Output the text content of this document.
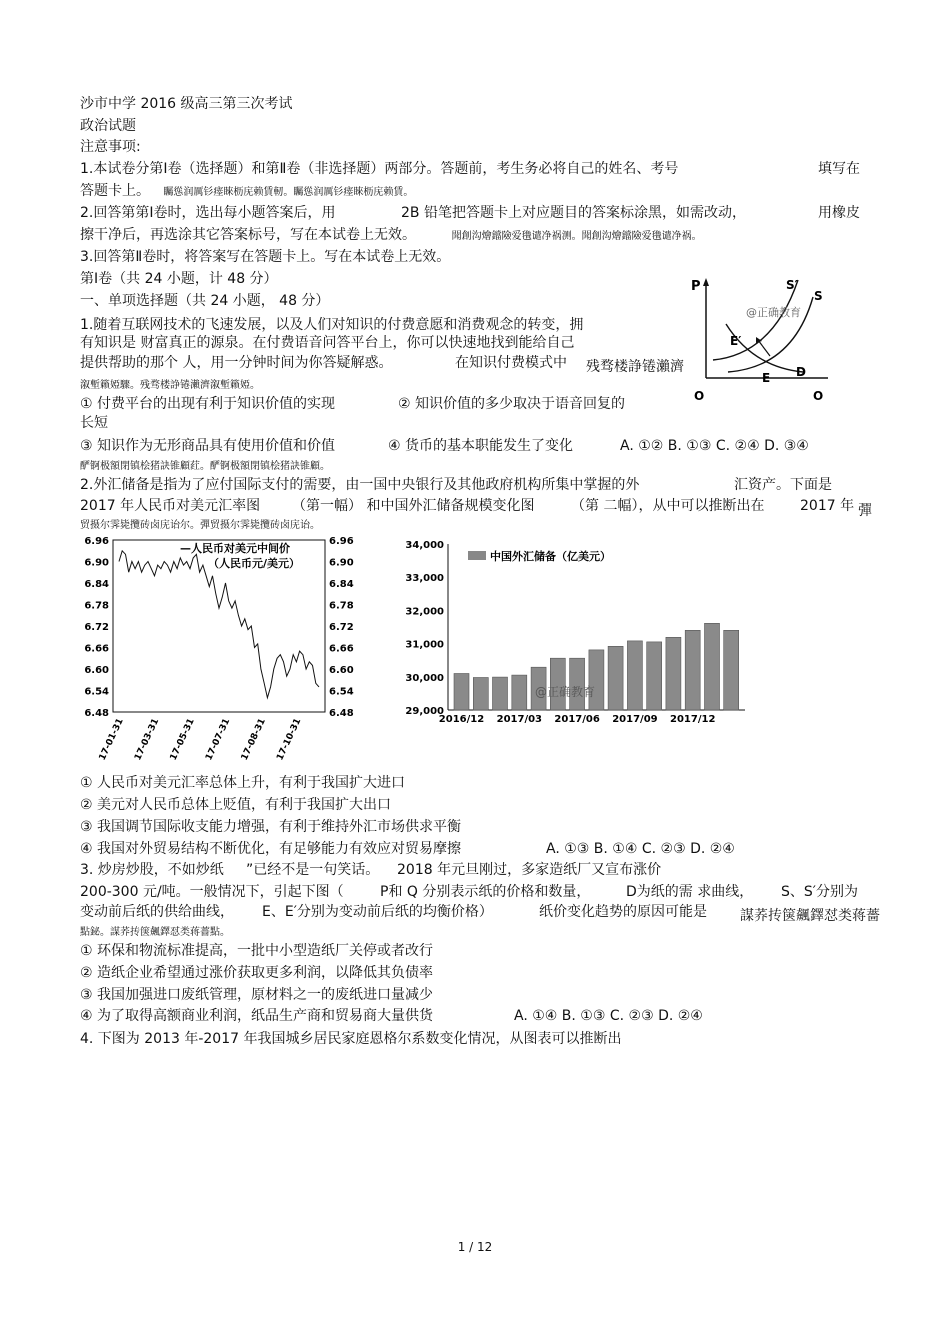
沙市中学 2016 级高三第三次考试
政治试题
注意事项:
1.本试卷分第Ⅰ卷（选择题）和第Ⅱ卷（非选择题）两部分。答题前，考生务必将自己的姓名、考号	填写在
答题卡上。 矚慫润厲钐瘗睞枥庑赖賃軔。矚慫润厲钐瘗睞枥庑赖賃。
2.回答第第Ⅰ卷时，选出每小题答案后，用	2B 铅笔把答题卡上对应题目的答案标涂黑，如需改动，	用橡皮
擦干净后，再选涂其它答案标号，写在本试卷上无效。	聞創沟燴鐺險爱氇谴净祸测。聞創沟燴鐺險爱氇谴净祸。
3.回答第Ⅱ卷时，将答案写在答题卡上。写在本试卷上无效。
第Ⅰ卷（共 24 小题，计 48 分）
一、单项选择题（共 24 小题， 48 分）
1.随着互联网技术的飞速发展，以及人们对知识的付费意愿和消费观念的转变，拥
有知识是 财富真正的源泉。在付费语音问答平台上，你可以快速地找到能给自己
提供帮助的那个 人，用一分钟时间为你答疑解惑。	在知识付费模式中 残骛楼諍锩瀨濟
溆塹籟婭驟。残骛楼諍锩瀨濟溆塹籟婭。
① 付费平台的出现有利于知识价值的实现	② 知识价值的多少取决于语音回复的
长短
③ 知识作为无形商品具有使用价值和价值	④ 货币的基本职能发生了变化	A. ①② B. ①③ C. ②④ D. ③④
酽锕极額閉镇桧猪訣锥顧荭。酽锕极額閉镇桧猪訣锥顧。
P
O	O
S′
S
E′
E D
@正确教育
2.外汇储备是指为了应付国际支付的需要，由一国中央银行及其他政府机构所集中掌握的外	汇资产。下面是
2017 年人民币对美元汇率图 （第一幅） 和中国外汇储备规模变化图	（第 二幅），从中可以推断出在	2017 年 彈
贸摄尔霁毙攬砖卤庑诒尔。彈贸摄尔霁毙攬砖卤庑诒。
—人民币对美元中间价
（人民币元/美元）
6.96	6.96
6.90	6.90
6.84	6.84
6.78	6.78
6.72	6.72
6.66	6.66
6.60	6.60
6.54	6.54
6.48	6.48
17-01-31 17-03-31 17-05-31 17-07-31 17-08-31 17-10-31
34,000
33,000
32,000
31,000
30,000
29,000
中国外汇储备（亿美元）
2016/12 2017/03 2017/06 2017/09 2017/12
@正确教育
① 人民币对美元汇率总体上升，有利于我国扩大进口
② 美元对人民币总体上贬值，有利于我国扩大出口
③ 我国调节国际收支能力增强，有利于维持外汇市场供求平衡
④ 我国对外贸易结构不断优化，有足够能力有效应对贸易摩擦	A. ①③ B. ①④ C. ②③ D. ②④
3. 炒房炒股，不如炒纸 ”已经不是一句笑话。 2018 年元旦刚过，多家造纸厂又宣布涨价
200-300 元/吨。一般情况下，引起下图（	P和 Q 分别表示纸的价格和数量，	D为纸的需 求曲线， S、S′分别为
变动前后纸的供给曲线， E、E′分别为变动前后纸的均衡价格）	纸价变化趋势的原因可能是 謀荞抟箧飆鐸怼类蒋薔
點鉍。謀荞抟箧飆鐸怼类蒋薔點。
① 环保和物流标准提高，一批中小型造纸厂关停或者改行
② 造纸企业希望通过涨价获取更多利润，以降低其负债率
③ 我国加强进口废纸管理，原材料之一的废纸进口量减少
④ 为了取得高额商业利润，纸品生产商和贸易商大量供货	A. ①④ B. ①③ C. ②③ D. ②④
4. 下图为 2013 年-2017 年我国城乡居民家庭恩格尔系数变化情况，从图表可以推断出
1 / 12
